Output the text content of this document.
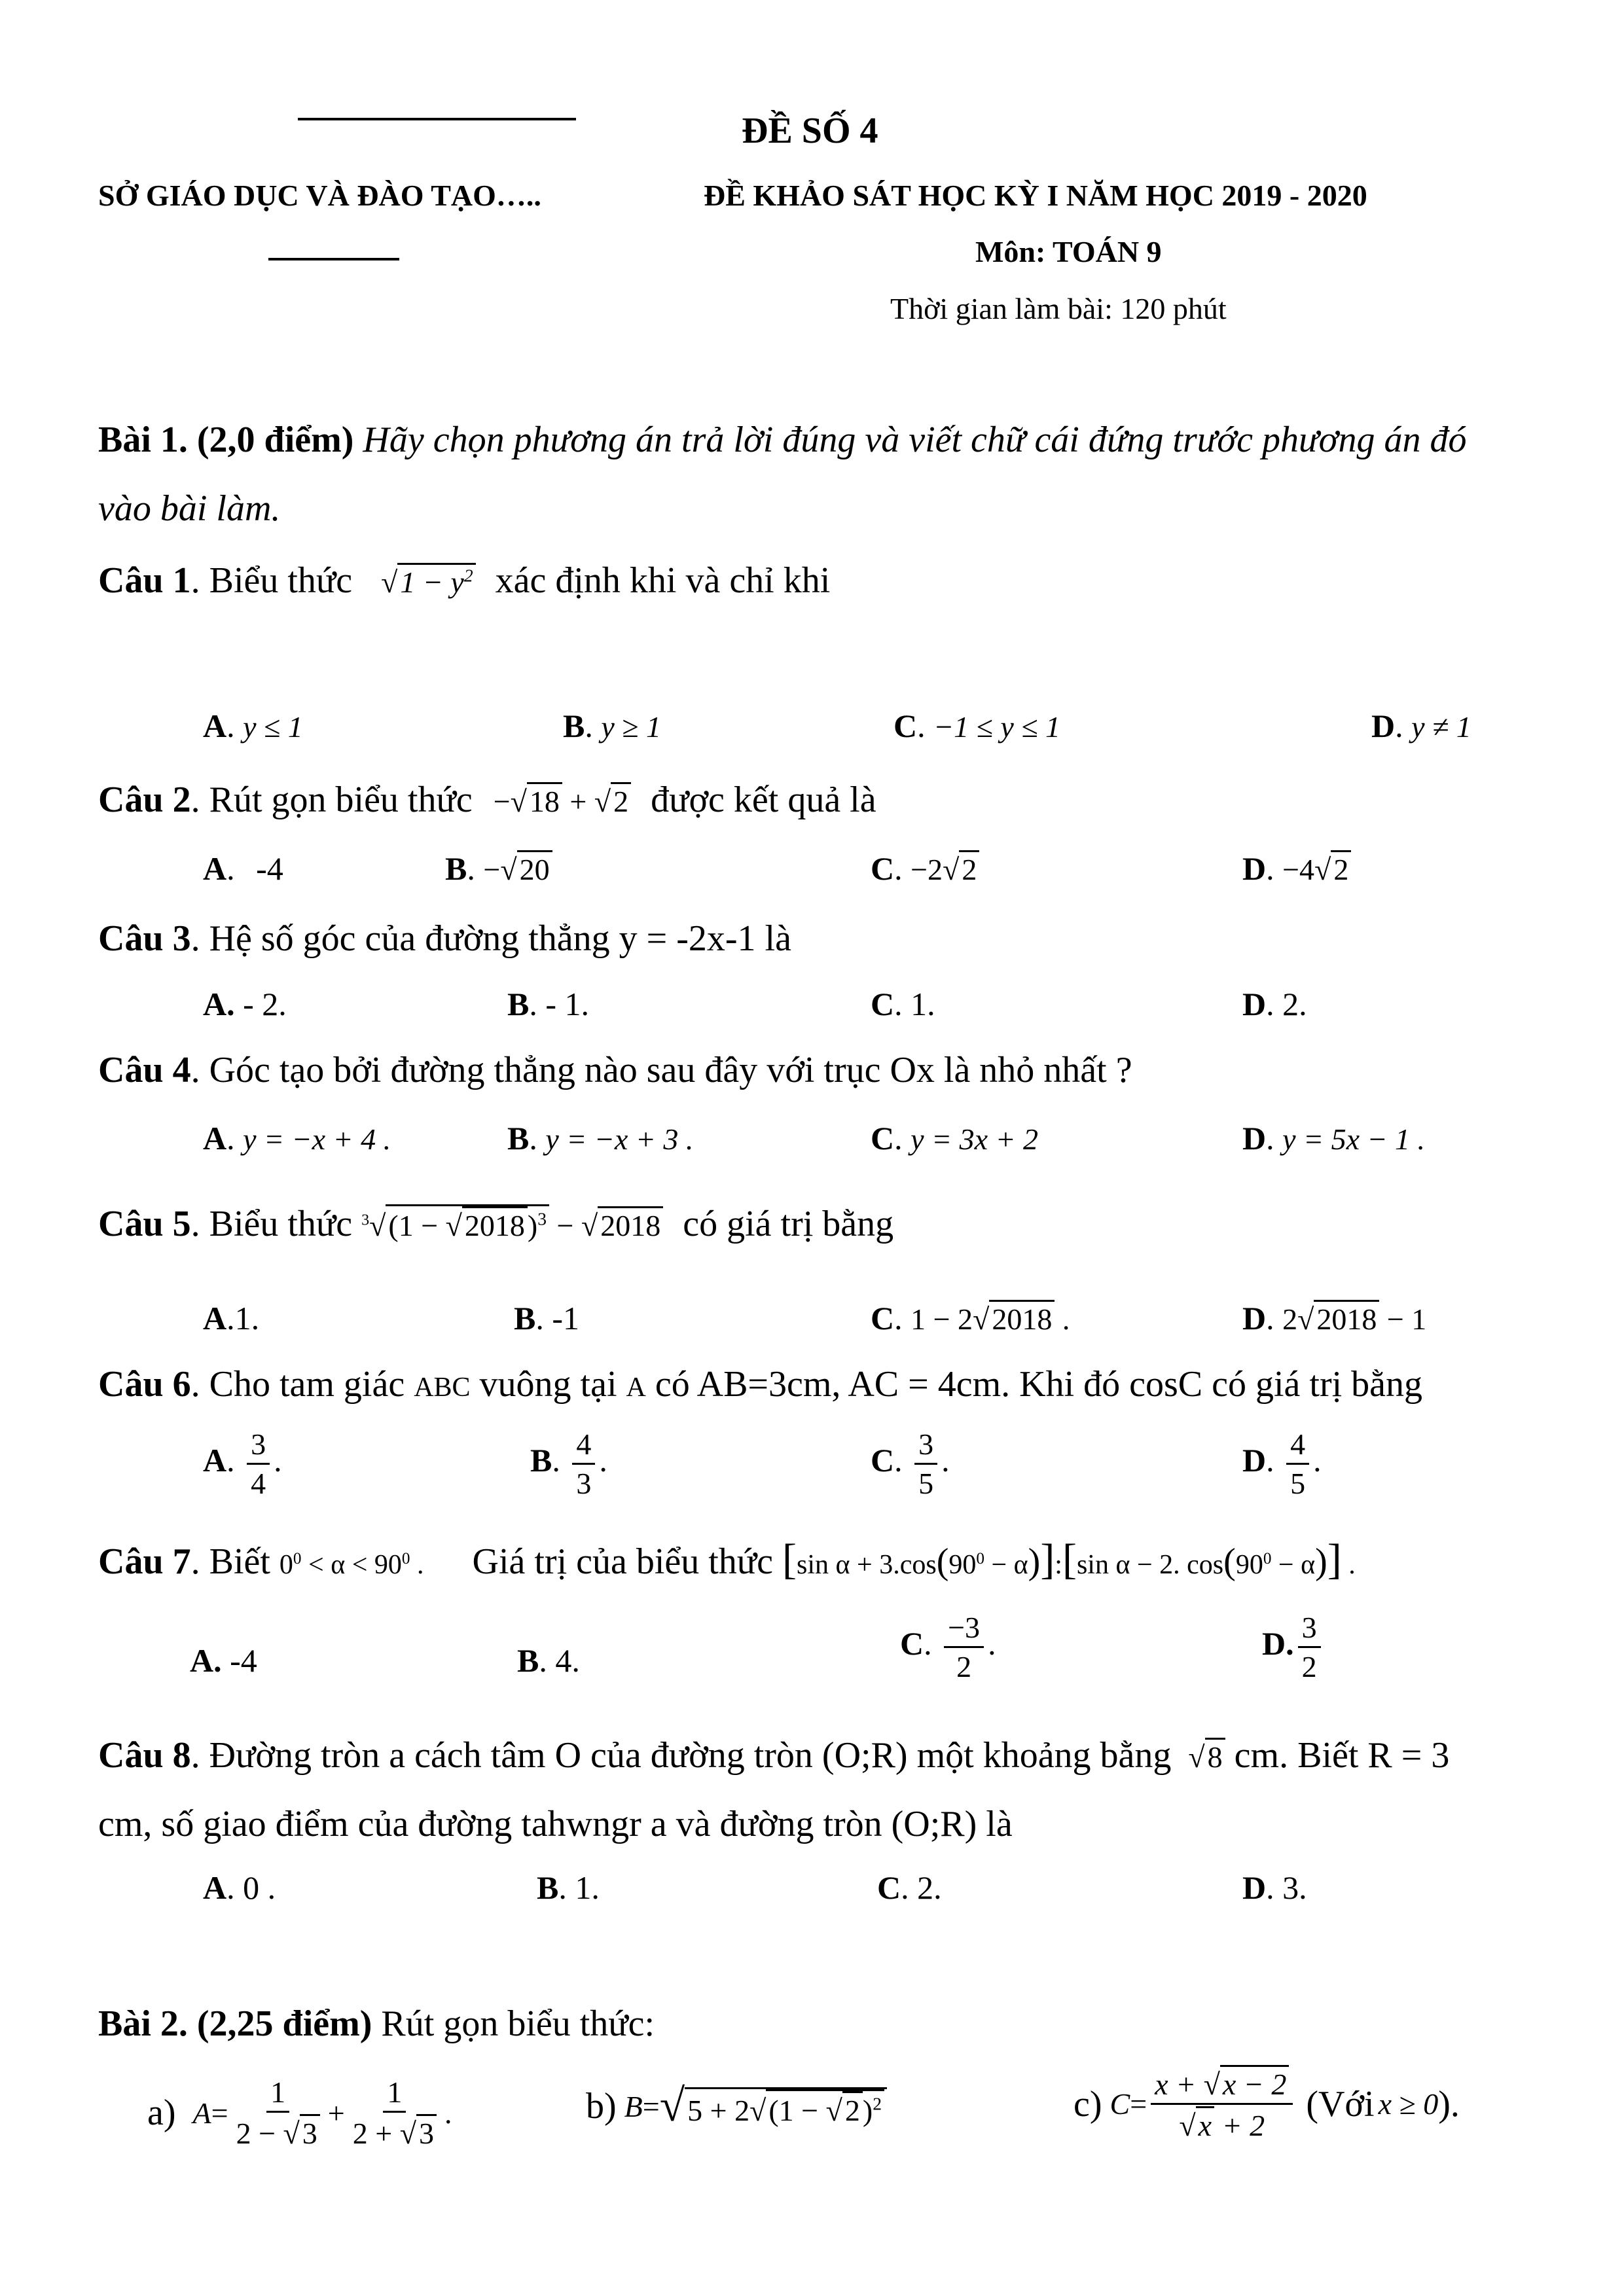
ĐỀ SỐ 4
SỞ GIÁO DỤC VÀ ĐÀO TẠO…..	ĐỀ KHẢO SÁT HỌC KỲ I NĂM HỌC 2019 - 2020
Môn: TOÁN 9
Thời gian làm bài: 120 phút
Bài 1. (2,0 điểm) Hãy chọn phương án trả lời đúng và viết chữ cái đứng trước phương án đó
vào bài làm.
Câu 1. Biểu thức $√1 - y^2$ xác định khi và chỉ khi
A. y ≤ 1	B. y ≥ 1	C. −1 ≤ y ≤ 1	D. y ≠ 1
Câu 2. Rút gọn biểu thức −√18 + √2 được kết quả là
A. -4	B. −√20	C. −2√2	D. −4√2
Câu 3. Hệ số góc của đường thẳng y = -2x-1 là
A. - 2.	B. - 1.	C. 1.	D. 2.
Câu 4. Góc tạo bởi đường thẳng nào sau đây với trục Ox là nhỏ nhất ?
A. y = −x + 4 .	B. y = −x + 3 .	C. y = 3x + 2	D. y = 5x − 1 .
Câu 5. Biểu thức $^3√(1 - √2018)^3 - √2018$ có giá trị bằng
A.1.	B. -1	C. 1 − 2√2018 .	D. 2√2018 − 1
Câu 6. Cho tam giác ABC vuông tại A có AB=3cm, AC = 4cm. Khi đó cosC có giá trị bằng
A. $\frac{3}{4}$ .	B. $\frac{4}{3}$ .	C. $\frac{3}{5}$ .	D. $\frac{4}{5}$ .
Câu 7. Biết $0^0 < \alpha < 90^0$ . Giá trị của biểu thức [sin $\alpha + 3.\cos(90^0$ − α)]:[sin α − 2. $\cos(90^0 - \alpha)$] .
A. -4	B. 4.	C. $\frac{-3}{2}$ .	D. $\frac{3}{2}$
Câu 8. Đường tròn a cách tâm O của đường tròn (O;R) một khoảng bằng √8 cm. Biết R = 3
cm, số giao điểm của đường tahwngr a và đường tròn (O;R) là
A. 0 .	B. 1.	C. 2.	D. 3.
Bài 2. (2,25 điểm) Rút gọn biểu thức:
a) $A = \frac{1}{2 - √3} + \frac{1}{2 + √3}$ .	b) $B = √5 + 2√(1 - √2)^2$	c) $C = \frac{x + √x - 2}{√x + 2}$ (Với x ≥ 0 ).
